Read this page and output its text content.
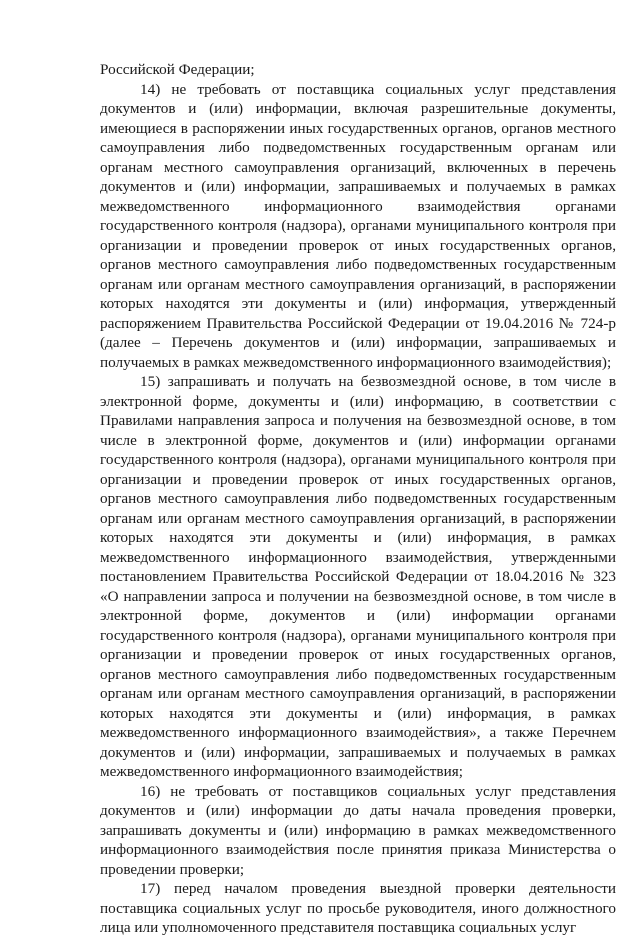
Российской Федерации;

14) не требовать от поставщика социальных услуг представления документов и (или) информации, включая разрешительные документы, имеющиеся в распоряжении иных государственных органов, органов местного самоуправления либо подведомственных государственным органам или органам местного самоуправления организаций, включенных в перечень документов и (или) информации, запрашиваемых и получаемых в рамках межведомственного информационного взаимодействия органами государственного контроля (надзора), органами муниципального контроля при организации и проведении проверок от иных государственных органов, органов местного самоуправления либо подведомственных государственным органам или органам местного самоуправления организаций, в распоряжении которых находятся эти документы и (или) информация, утвержденный распоряжением Правительства Российской Федерации от 19.04.2016 № 724-р (далее – Перечень документов и (или) информации, запрашиваемых и получаемых в рамках межведомственного информационного взаимодействия);

15) запрашивать и получать на безвозмездной основе, в том числе в электронной форме, документы и (или) информацию, в соответствии с Правилами направления запроса и получения на безвозмездной основе, в том числе в электронной форме, документов и (или) информации органами государственного контроля (надзора), органами муниципального контроля при организации и проведении проверок от иных государственных органов, органов местного самоуправления либо подведомственных государственным органам или органам местного самоуправления организаций, в распоряжении которых находятся эти документы и (или) информация, в рамках межведомственного информационного взаимодействия, утвержденными постановлением Правительства Российской Федерации от 18.04.2016 № 323 «О направлении запроса и получении на безвозмездной основе, в том числе в электронной форме, документов и (или) информации органами государственного контроля (надзора), органами муниципального контроля при организации и проведении проверок от иных государственных органов, органов местного самоуправления либо подведомственных государственным органам или органам местного самоуправления организаций, в распоряжении которых находятся эти документы и (или) информация, в рамках межведомственного информационного взаимодействия», а также Перечнем документов и (или) информации, запрашиваемых и получаемых в рамках межведомственного информационного взаимодействия;

16) не требовать от поставщиков социальных услуг представления документов и (или) информации до даты начала проведения проверки, запрашивать документы и (или) информацию в рамках межведомственного информационного взаимодействия после принятия приказа Министерства о проведении проверки;

17) перед началом проведения выездной проверки деятельности поставщика социальных услуг по просьбе руководителя, иного должностного лица или уполномоченного представителя поставщика социальных услуг
